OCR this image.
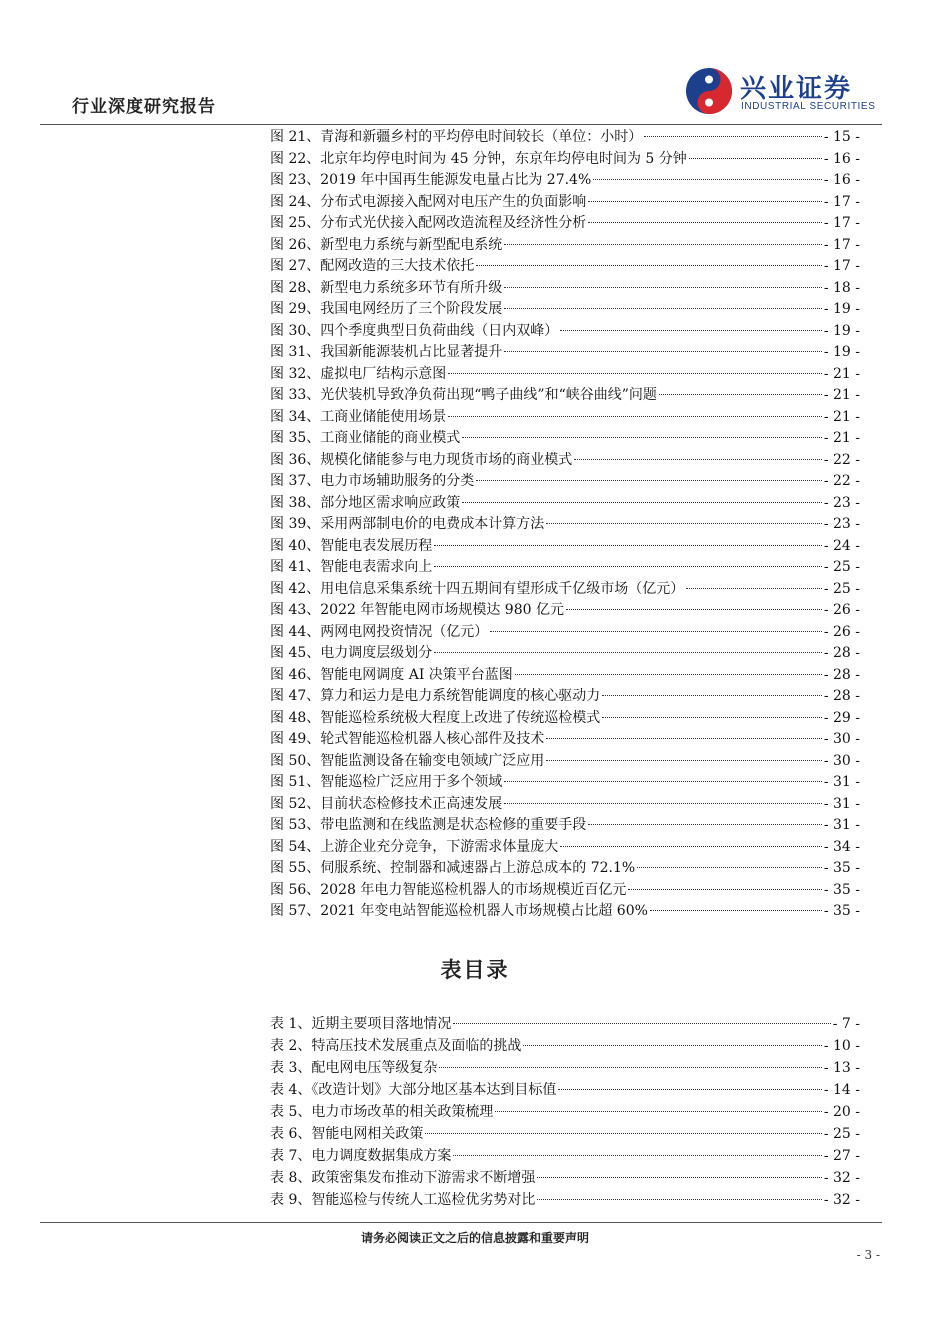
行业深度研究报告
兴业证券
INDUSTRIAL SECURITIES
图 21、青海和新疆乡村的平均停电时间较长（单位：小时）	- 15 -
图 22、北京年均停电时间为 45 分钟，东京年均停电时间为 5 分钟	- 16 -
图 23、2019 年中国再生能源发电量占比为 27.4%	- 16 -
图 24、分布式电源接入配网对电压产生的负面影响	- 17 -
图 25、分布式光伏接入配网改造流程及经济性分析	- 17 -
图 26、新型电力系统与新型配电系统	- 17 -
图 27、配网改造的三大技术依托	- 17 -
图 28、新型电力系统多环节有所升级	- 18 -
图 29、我国电网经历了三个阶段发展	- 19 -
图 30、四个季度典型日负荷曲线（日内双峰）	- 19 -
图 31、我国新能源装机占比显著提升	- 19 -
图 32、虚拟电厂结构示意图	- 21 -
图 33、光伏装机导致净负荷出现“鸭子曲线”和“峡谷曲线”问题	- 21 -
图 34、工商业储能使用场景	- 21 -
图 35、工商业储能的商业模式	- 21 -
图 36、规模化储能参与电力现货市场的商业模式	- 22 -
图 37、电力市场辅助服务的分类	- 22 -
图 38、部分地区需求响应政策	- 23 -
图 39、采用两部制电价的电费成本计算方法	- 23 -
图 40、智能电表发展历程	- 24 -
图 41、智能电表需求向上	- 25 -
图 42、用电信息采集系统十四五期间有望形成千亿级市场（亿元）	- 25 -
图 43、2022 年智能电网市场规模达 980 亿元	- 26 -
图 44、两网电网投资情况（亿元）	- 26 -
图 45、电力调度层级划分	- 28 -
图 46、智能电网调度 AI 决策平台蓝图	- 28 -
图 47、算力和运力是电力系统智能调度的核心驱动力	- 28 -
图 48、智能巡检系统极大程度上改进了传统巡检模式	- 29 -
图 49、轮式智能巡检机器人核心部件及技术	- 30 -
图 50、智能监测设备在输变电领域广泛应用	- 30 -
图 51、智能巡检广泛应用于多个领域	- 31 -
图 52、目前状态检修技术正高速发展	- 31 -
图 53、带电监测和在线监测是状态检修的重要手段	- 31 -
图 54、上游企业充分竞争，下游需求体量庞大	- 34 -
图 55、伺服系统、控制器和减速器占上游总成本的 72.1%	- 35 -
图 56、2028 年电力智能巡检机器人的市场规模近百亿元	- 35 -
图 57、2021 年变电站智能巡检机器人市场规模占比超 60%	- 35 -
表目录
表 1、近期主要项目落地情况	- 7 -
表 2、特高压技术发展重点及面临的挑战	- 10 -
表 3、配电网电压等级复杂	- 13 -
表 4、《改造计划》大部分地区基本达到目标值	- 14 -
表 5、电力市场改革的相关政策梳理	- 20 -
表 6、智能电网相关政策	- 25 -
表 7、电力调度数据集成方案	- 27 -
表 8、政策密集发布推动下游需求不断增强	- 32 -
表 9、智能巡检与传统人工巡检优劣势对比	- 32 -
请务必阅读正文之后的信息披露和重要声明
- 3 -
